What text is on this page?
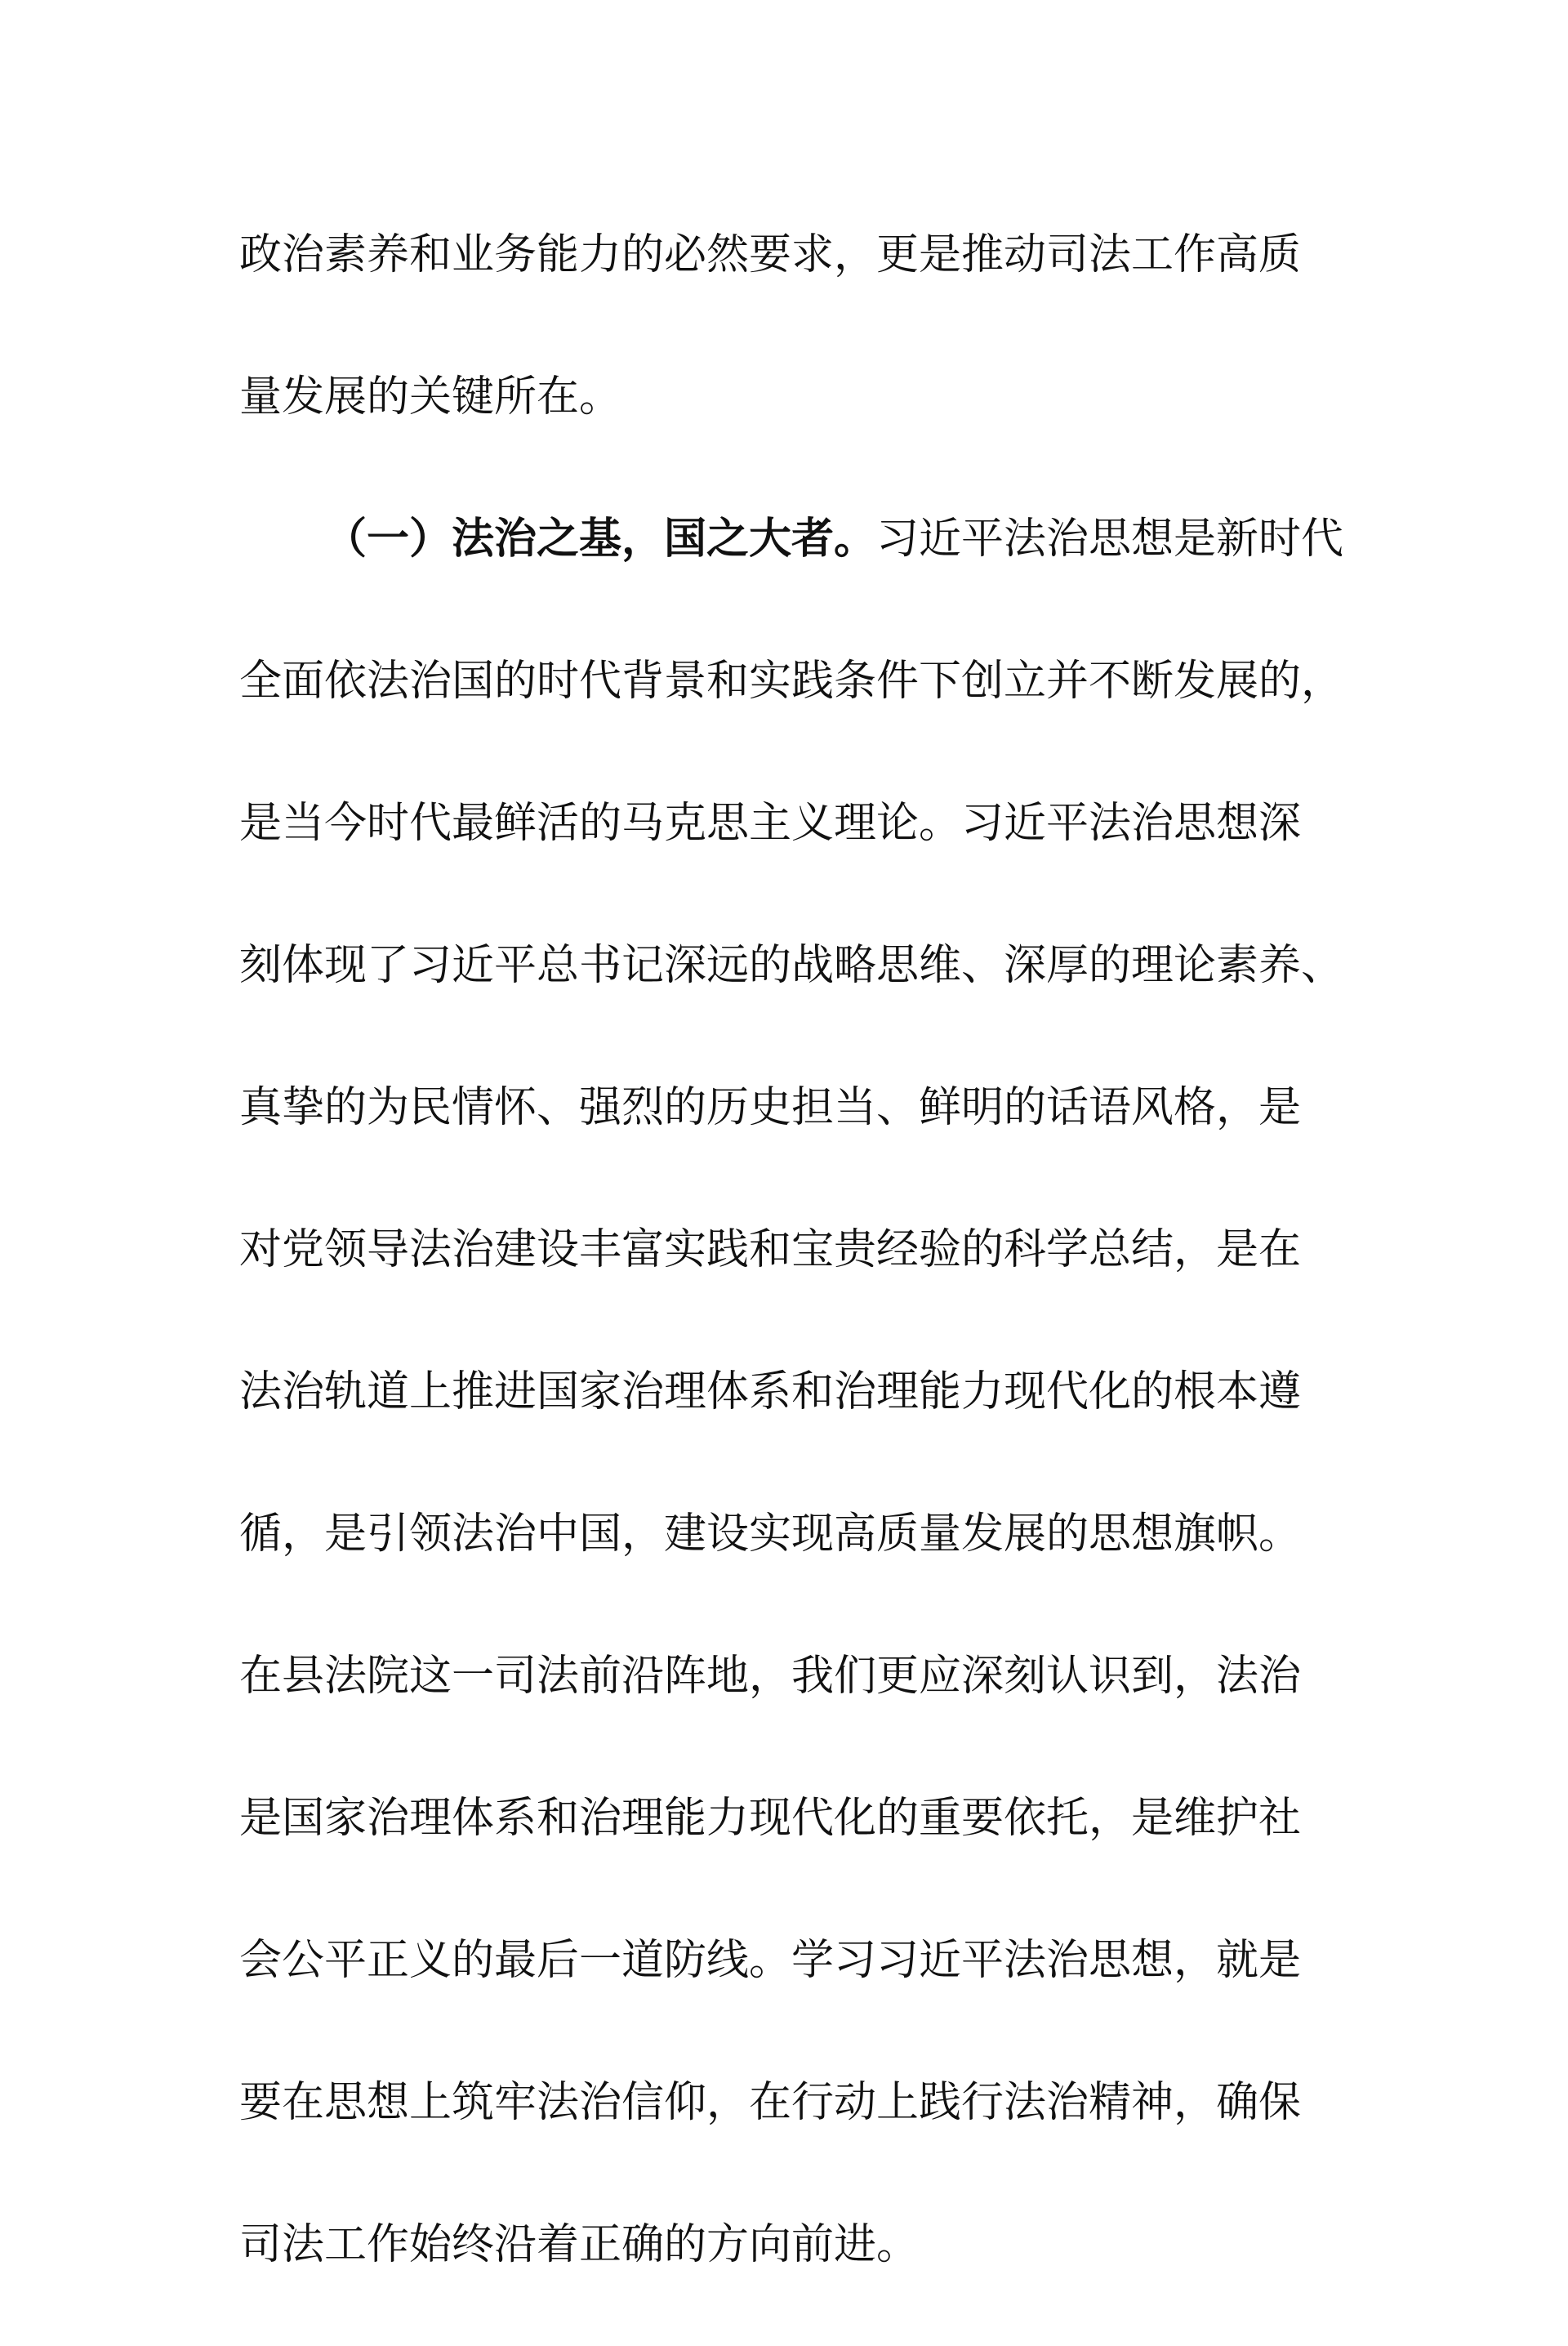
政治素养和业务能力的必然要求，更是推动司法工作高质
量发展的关键所在。
（一）法治之基，国之大者。习近平法治思想是新时代
全面依法治国的时代背景和实践条件下创立并不断发展的，
是当今时代最鲜活的马克思主义理论。习近平法治思想深
刻体现了习近平总书记深远的战略思维、深厚的理论素养、
真挚的为民情怀、强烈的历史担当、鲜明的话语风格，是
对党领导法治建设丰富实践和宝贵经验的科学总结，是在
法治轨道上推进国家治理体系和治理能力现代化的根本遵
循，是引领法治中国，建设实现高质量发展的思想旗帜。
在县法院这一司法前沿阵地，我们更应深刻认识到，法治
是国家治理体系和治理能力现代化的重要依托，是维护社
会公平正义的最后一道防线。学习习近平法治思想，就是
要在思想上筑牢法治信仰，在行动上践行法治精神，确保
司法工作始终沿着正确的方向前进。
